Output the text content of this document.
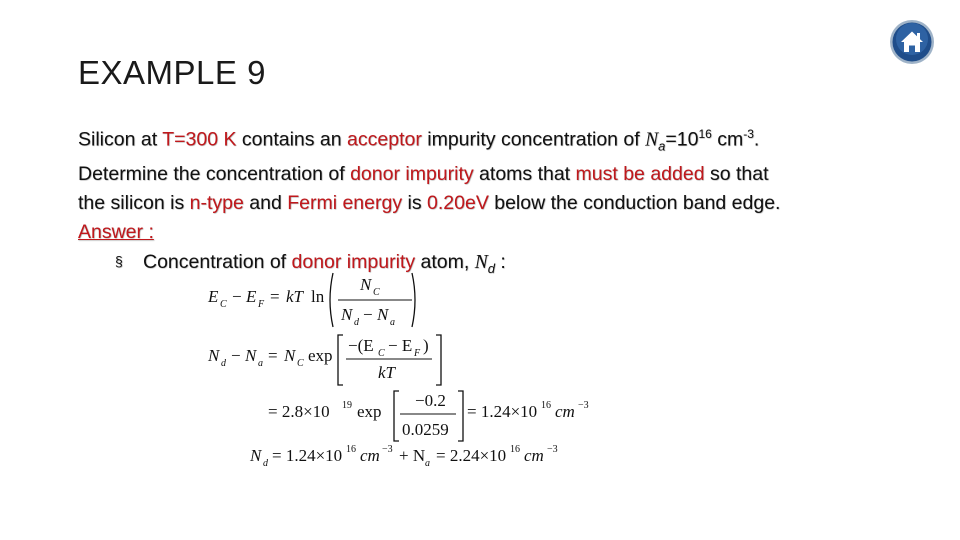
EXAMPLE 9
Silicon at T=300 K contains an acceptor impurity concentration of $N_a=10^{16}$ $cm^{-3}$.
Determine the concentration of donor impurity atoms that must be added so that
the silicon is n-type and Fermi energy is 0.20eV below the conduction band edge.
Answer :
§ Concentration of donor impurity atom, $N_d$ :
E C − E F = kT ln
N C
N d − N a
N d − N a = N C exp
−(E C − E F )
kT
= 2.8×10 19 exp
−0.2
0.0259
= 1.24×10 16 cm −3
N d = 1.24×10 16 cm −3 + N a = 2.24×10 16 cm −3
